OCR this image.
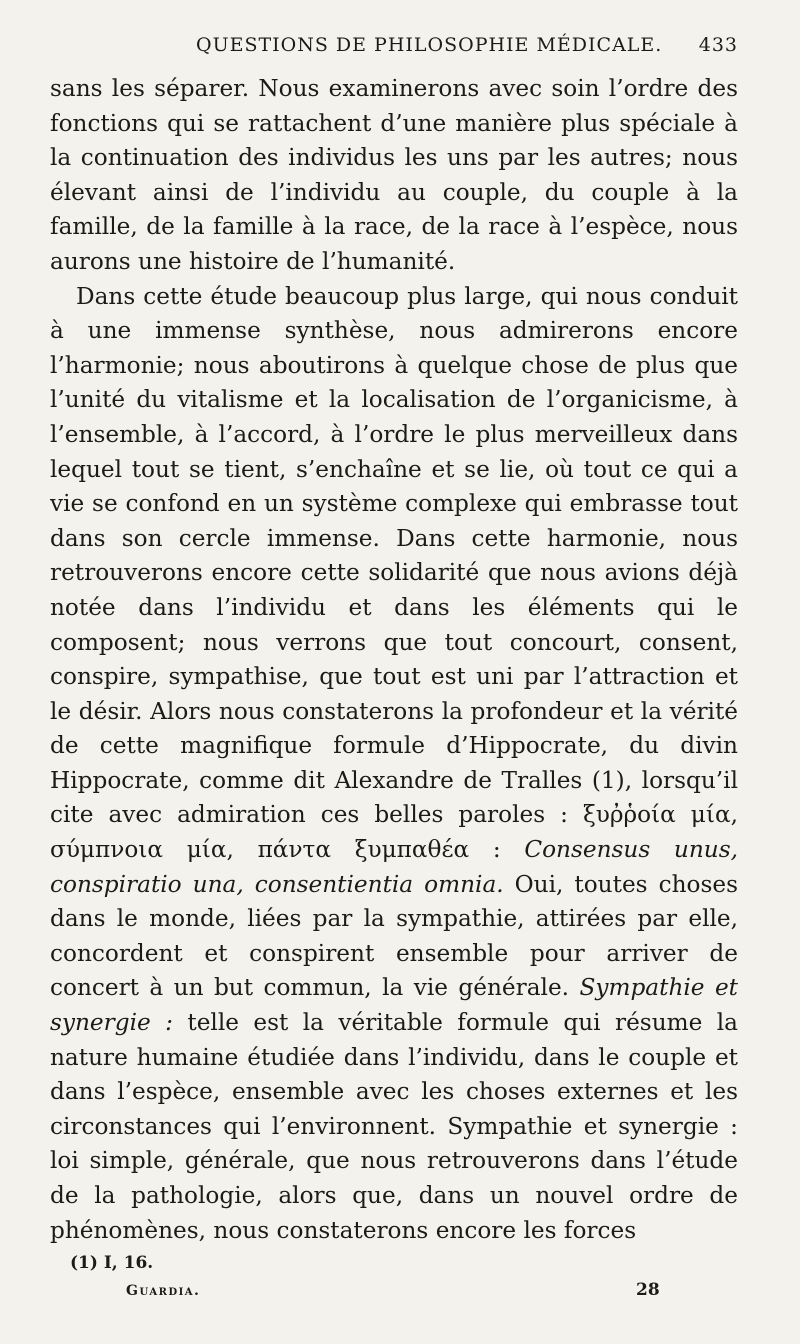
QUESTIONS DE PHILOSOPHIE MÉDICALE. 433

sans les séparer. Nous examinerons avec soin l’ordre des fonctions qui se rattachent d’une manière plus spéciale à la continuation des individus les uns par les autres; nous élevant ainsi de l’individu au couple, du couple à la famille, de la famille à la race, de la race à l’espèce, nous aurons une histoire de l’humanité.

Dans cette étude beaucoup plus large, qui nous conduit à une immense synthèse, nous admirerons encore l’harmonie; nous aboutirons à quelque chose de plus que l’unité du vitalisme et la localisation de l’organicisme, à l’ensemble, à l’accord, à l’ordre le plus merveilleux dans lequel tout se tient, s’enchaîne et se lie, où tout ce qui a vie se confond en un système complexe qui embrasse tout dans son cercle immense. Dans cette harmonie, nous retrouverons encore cette solidarité que nous avions déjà notée dans l’individu et dans les éléments qui le composent; nous verrons que tout concourt, consent, conspire, sympathise, que tout est uni par l’attraction et le désir. Alors nous constaterons la profondeur et la vérité de cette magnifique formule d’Hippocrate, du divin Hippocrate, comme dit Alexandre de Tralles (1), lorsqu’il cite avec admiration ces belles paroles : ξυῤῥοία μία, σύμπνοια μία, πάντα ξυμπαθέα : Consensus unus, conspiratio una, consentientia omnia. Oui, toutes choses dans le monde, liées par la sympathie, attirées par elle, concordent et conspirent ensemble pour arriver de concert à un but commun, la vie générale. Sympathie et synergie : telle est la véritable formule qui résume la nature humaine étudiée dans l’individu, dans le couple et dans l’espèce, ensemble avec les choses externes et les circonstances qui l’environnent. Sympathie et synergie : loi simple, générale, que nous retrouverons dans l’étude de la pathologie, alors que, dans un nouvel ordre de phénomènes, nous constaterons encore les forces

(1) I, 16.
Guardia.	28
